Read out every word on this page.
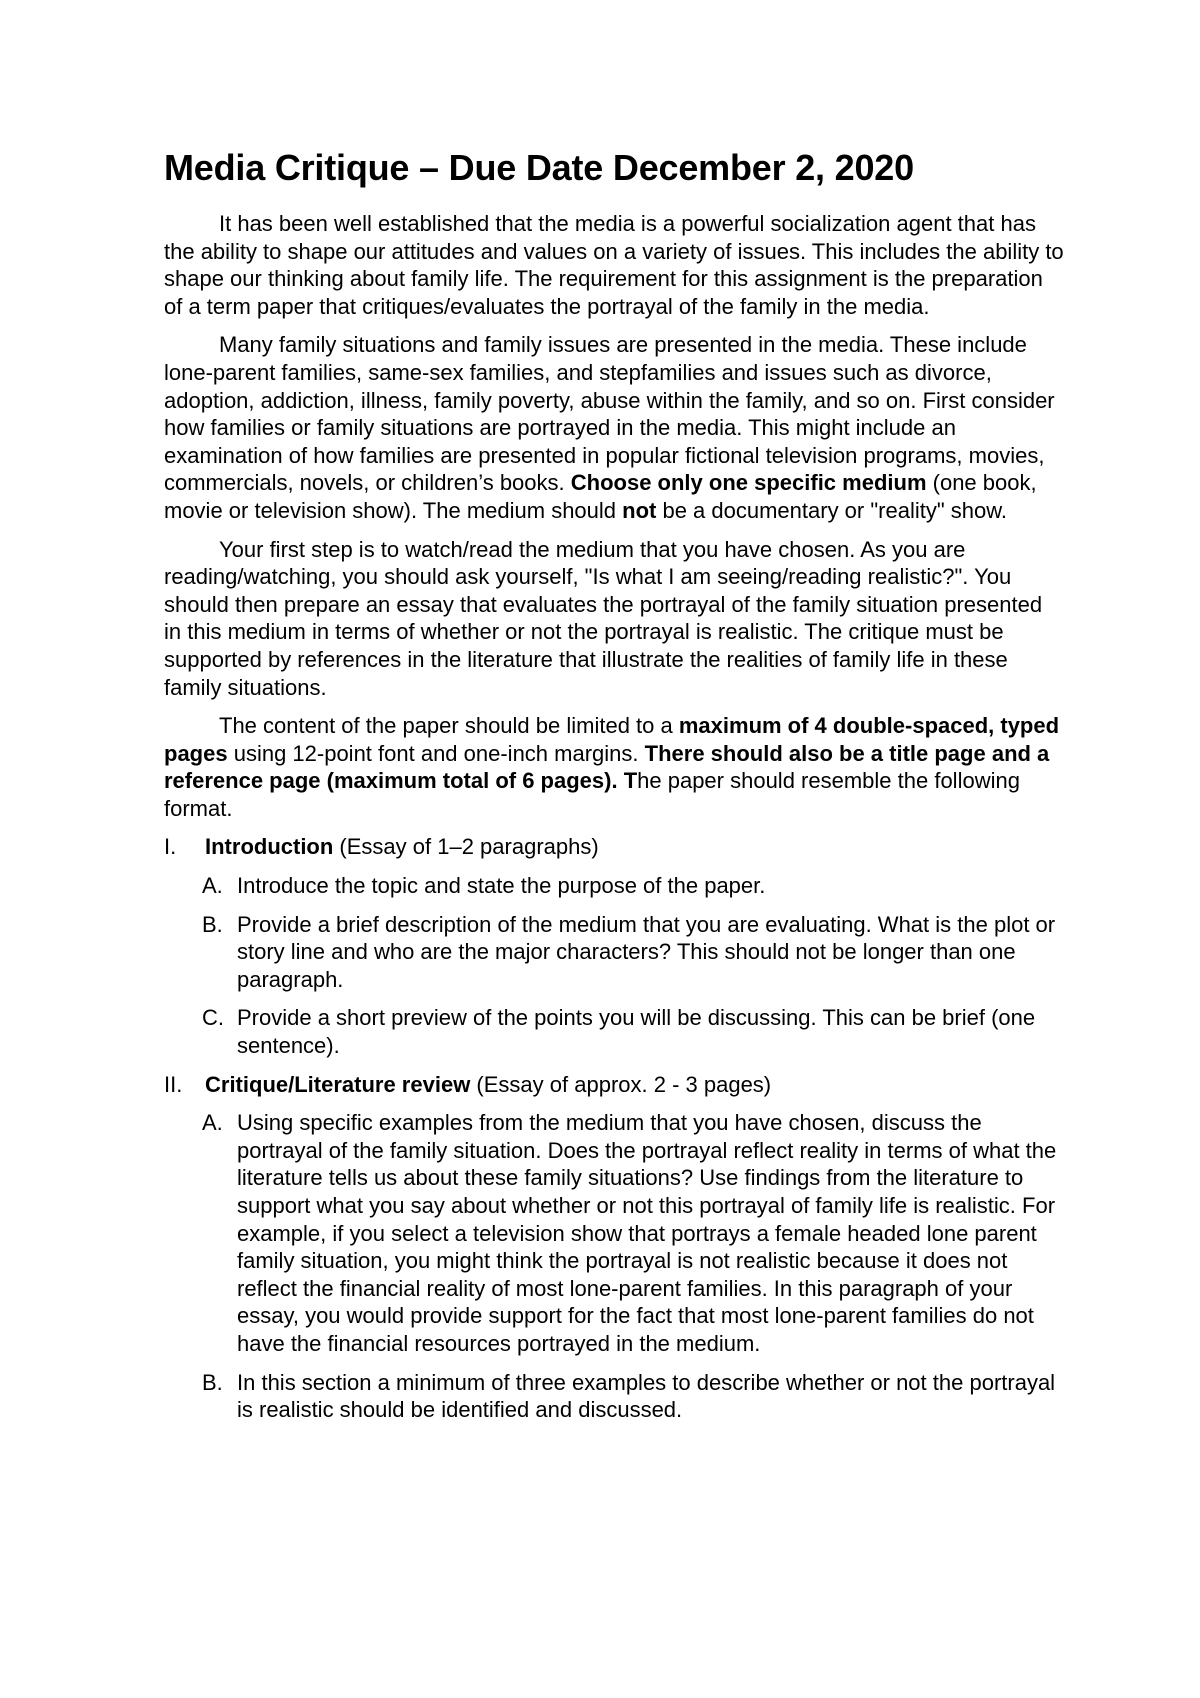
Media Critique – Due Date December 2, 2020

It has been well established that the media is a powerful socialization agent that has the ability to shape our attitudes and values on a variety of issues. This includes the ability to shape our thinking about family life. The requirement for this assignment is the preparation of a term paper that critiques/evaluates the portrayal of the family in the media.

Many family situations and family issues are presented in the media. These include lone-parent families, same-sex families, and stepfamilies and issues such as divorce, adoption, addiction, illness, family poverty, abuse within the family, and so on. First consider how families or family situations are portrayed in the media. This might include an examination of how families are presented in popular fictional television programs, movies, commercials, novels, or children’s books. Choose only one specific medium (one book, movie or television show). The medium should not be a documentary or "reality" show.

Your first step is to watch/read the medium that you have chosen. As you are reading/watching, you should ask yourself, "Is what I am seeing/reading realistic?". You should then prepare an essay that evaluates the portrayal of the family situation presented in this medium in terms of whether or not the portrayal is realistic. The critique must be supported by references in the literature that illustrate the realities of family life in these family situations.

The content of the paper should be limited to a maximum of 4 double-spaced, typed pages using 12-point font and one-inch margins. There should also be a title page and a reference page (maximum total of 6 pages). The paper should resemble the following format.

I. Introduction (Essay of 1–2 paragraphs)
A. Introduce the topic and state the purpose of the paper.
B. Provide a brief description of the medium that you are evaluating. What is the plot or story line and who are the major characters? This should not be longer than one paragraph.
C. Provide a short preview of the points you will be discussing. This can be brief (one sentence).
II. Critique/Literature review (Essay of approx. 2 - 3 pages)
A. Using specific examples from the medium that you have chosen, discuss the portrayal of the family situation. Does the portrayal reflect reality in terms of what the literature tells us about these family situations? Use findings from the literature to support what you say about whether or not this portrayal of family life is realistic. For example, if you select a television show that portrays a female headed lone parent family situation, you might think the portrayal is not realistic because it does not reflect the financial reality of most lone-parent families. In this paragraph of your essay, you would provide support for the fact that most lone-parent families do not have the financial resources portrayed in the medium.
B. In this section a minimum of three examples to describe whether or not the portrayal is realistic should be identified and discussed.
